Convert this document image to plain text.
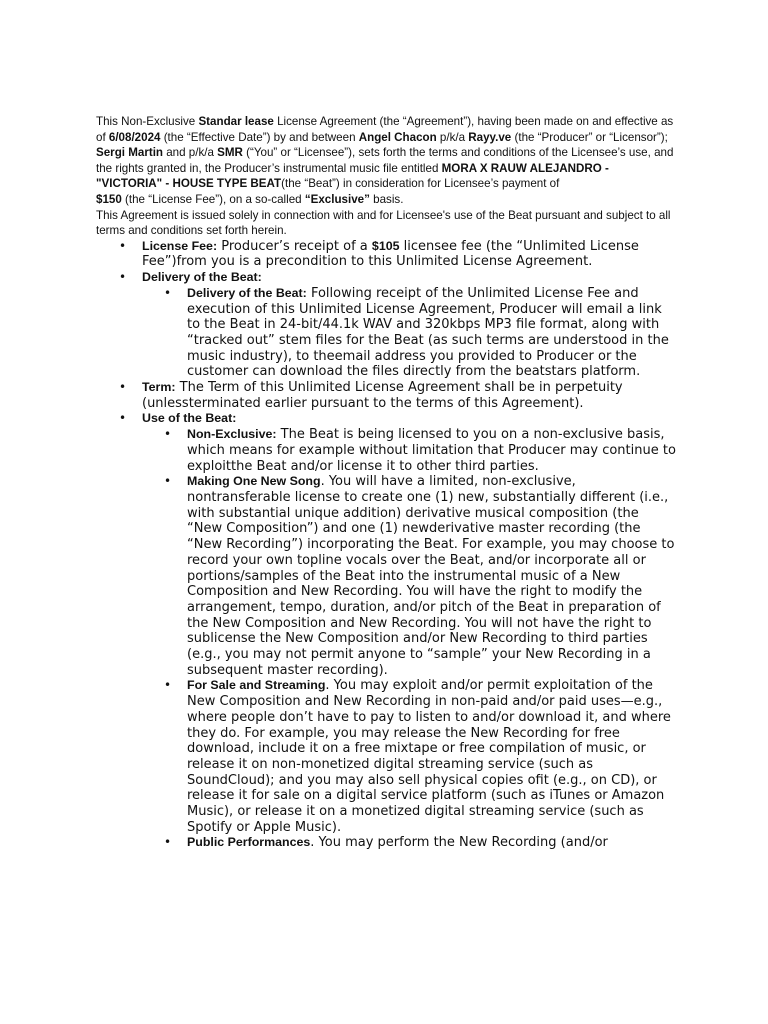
This Non-Exclusive Standar lease License Agreement (the “Agreement”), having been made on and effective as of 6/08/2024 (the “Effective Date”) by and between Angel Chacon p/k/a Rayy.ve (the “Producer” or “Licensor”); Sergi Martin and p/k/a SMR (“You” or “Licensee”), sets forth the terms and conditions of the Licensee’s use, and the rights granted in, the Producer’s instrumental music file entitled MORA X RAUW ALEJANDRO - "VICTORIA" - HOUSE TYPE BEAT(the “Beat”) in consideration for Licensee’s payment of

$150 (the “License Fee”), on a so-called “Exclusive” basis.

This Agreement is issued solely in connection with and for Licensee's use of the Beat pursuant and subject to all terms and conditions set forth herein.

• License Fee: Producer’s receipt of a $105 licensee fee (the “Unlimited License Fee”)from you is a precondition to this Unlimited License Agreement.
• Delivery of the Beat:
• Delivery of the Beat: Following receipt of the Unlimited License Fee and execution of this Unlimited License Agreement, Producer will email a link to the Beat in 24-bit/44.1k WAV and 320kbps MP3 file format, along with “tracked out” stem files for the Beat (as such terms are understood in the music industry), to theemail address you provided to Producer or the customer can download the files directly from the beatstars platform.
• Term: The Term of this Unlimited License Agreement shall be in perpetuity (unlessterminated earlier pursuant to the terms of this Agreement).
• Use of the Beat:
• Non-Exclusive: The Beat is being licensed to you on a non-exclusive basis, which means for example without limitation that Producer may continue to exploitthe Beat and/or license it to other third parties.
• Making One New Song. You will have a limited, non-exclusive, nontransferable license to create one (1) new, substantially different (i.e., with substantial unique addition) derivative musical composition (the “New Composition”) and one (1) newderivative master recording (the “New Recording”) incorporating the Beat. For example, you may choose to record your own topline vocals over the Beat, and/or incorporate all or portions/samples of the Beat into the instrumental music of a New Composition and New Recording. You will have the right to modify the arrangement, tempo, duration, and/or pitch of the Beat in preparation of the New Composition and New Recording. You will not have the right to sublicense the New Composition and/or New Recording to third parties (e.g., you may not permit anyone to “sample” your New Recording in a subsequent master recording).
• For Sale and Streaming. You may exploit and/or permit exploitation of the New Composition and New Recording in non-paid and/or paid uses—e.g., where people don’t have to pay to listen to and/or download it, and where they do. For example, you may release the New Recording for free download, include it on a free mixtape or free compilation of music, or release it on non-monetized digital streaming service (such as SoundCloud); and you may also sell physical copies ofit (e.g., on CD), or release it for sale on a digital service platform (such as iTunes or Amazon Music), or release it on a monetized digital streaming service (such as Spotify or Apple Music).
• Public Performances. You may perform the New Recording (and/or
